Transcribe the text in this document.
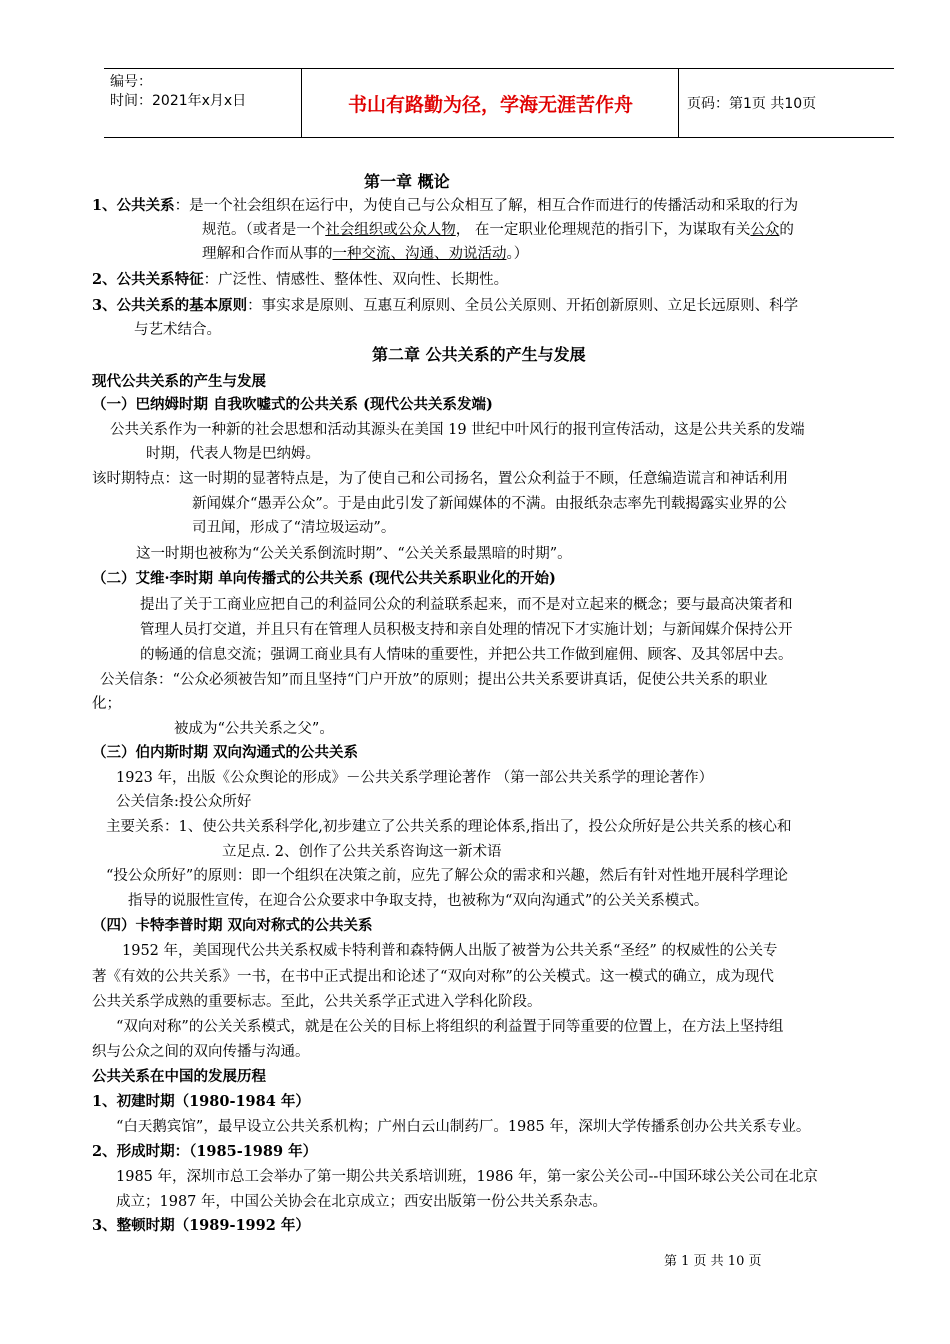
编号：
时间：2021年x月x日	书山有路勤为径，学海无涯苦作舟	页码：第1页 共10页
第一章 概论
1、公共关系：是一个社会组织在运行中，为使自己与公众相互了解，相互合作而进行的传播活动和采取的行为
规范。（或者是一个社会组织或公众人物， 在一定职业伦理规范的指引下，为谋取有关公众的
理解和合作而从事的一种交流、沟通、劝说活动。）
2、公共关系特征：广泛性、情感性、整体性、双向性、长期性。
3、公共关系的基本原则：事实求是原则、互惠互利原则、全员公关原则、开拓创新原则、立足长远原则、科学
与艺术结合。
第二章 公共关系的产生与发展
现代公共关系的产生与发展
（一）巴纳姆时期 自我吹嘘式的公共关系 (现代公共关系发端)
公共关系作为一种新的社会思想和活动其源头在美国 19 世纪中叶风行的报刊宣传活动，这是公共关系的发端
时期，代表人物是巴纳姆。
该时期特点：这一时期的显著特点是，为了使自己和公司扬名，置公众利益于不顾，任意编造谎言和神话利用
新闻媒介“愚弄公众”。于是由此引发了新闻媒体的不满。由报纸杂志率先刊载揭露实业界的公
司丑闻，形成了“清垃圾运动”。
这一时期也被称为“公关关系倒流时期”、“公关关系最黑暗的时期”。
（二）艾维·李时期 单向传播式的公共关系 (现代公共关系职业化的开始)
提出了关于工商业应把自己的利益同公众的利益联系起来，而不是对立起来的概念；要与最高决策者和
管理人员打交道，并且只有在管理人员积极支持和亲自处理的情况下才实施计划；与新闻媒介保持公开
的畅通的信息交流；强调工商业具有人情味的重要性，并把公共工作做到雇佣、顾客、及其邻居中去。
公关信条：“公众必须被告知”而且坚持“门户开放”的原则；提出公共关系要讲真话，促使公共关系的职业
化；
被成为“公共关系之父”。
（三）伯内斯时期 双向沟通式的公共关系
1923 年，出版《公众舆论的形成》－公共关系学理论著作 （第一部公共关系学的理论著作）
公关信条:投公众所好
主要关系：1、使公共关系科学化,初步建立了公共关系的理论体系,指出了，投公众所好是公共关系的核心和
立足点. 2、创作了公共关系咨询这一新术语
“投公众所好”的原则：即一个组织在决策之前，应先了解公众的需求和兴趣，然后有针对性地开展科学理论
指导的说服性宣传，在迎合公众要求中争取支持，也被称为“双向沟通式”的公关关系模式。
（四）卡特李普时期 双向对称式的公共关系
1952 年，美国现代公共关系权威卡特利普和森特俩人出版了被誉为公共关系“圣经” 的权威性的公关专
著《有效的公共关系》一书，在书中正式提出和论述了“双向对称”的公关模式。这一模式的确立，成为现代
公共关系学成熟的重要标志。至此，公共关系学正式进入学科化阶段。
“双向对称”的公关关系模式，就是在公关的目标上将组织的利益置于同等重要的位置上，在方法上坚持组
织与公众之间的双向传播与沟通。
公共关系在中国的发展历程
1、初建时期（1980-1984 年）
“白天鹅宾馆”，最早设立公共关系机构；广州白云山制药厂。1985 年，深圳大学传播系创办公共关系专业。
2、形成时期：（1985-1989 年）
1985 年，深圳市总工会举办了第一期公共关系培训班，1986 年，第一家公关公司--中国环球公关公司在北京
成立；1987 年，中国公关协会在北京成立；西安出版第一份公共关系杂志。
3、整顿时期（1989-1992 年）
第 1 页 共 10 页
